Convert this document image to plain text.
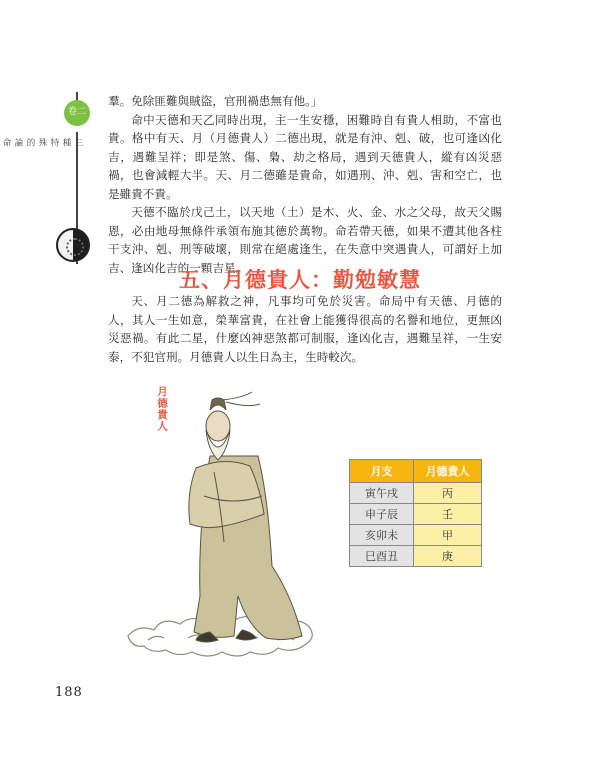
卷二
三種特殊的論命

羣。免除匪難與賊盜，官刑禍患無有他。」

命中天德和天乙同時出現，主一生安穩，困難時自有貴人相助，不富也貴。格中有天、月（月德貴人）二德出現，就是有沖、剋、破，也可逢凶化吉，遇難呈祥；即是煞、傷、梟、劫之格局，遇到天德貴人，縱有凶災惡禍，也會減輕大半。天、月二德雖是貴命，如遇刑、沖、剋、害和空亡，也是雖貴不貴。

天德不臨於戊己土，以天地（土）是木、火、金、水之父母，故天父賜恩，必由地母無條件承領布施其德於萬物。命若帶天德，如果不遭其他各柱干支沖、剋、刑等破壞，則常在絕處逢生，在失意中突遇貴人，可謂好上加吉、逢凶化吉的一顆吉星。

五、月德貴人：勤勉敏慧

天、月二德為解救之神，凡事均可免於災害。命局中有天德、月德的人，其人一生如意，榮華富貴，在社會上能獲得很高的名譽和地位，更無凶災惡禍。有此二星，什麼凶神惡煞都可制服，逢凶化吉，遇難呈祥，一生安泰，不犯官刑。月德貴人以生日為主，生時較次。

月德貴人
月支	月德貴人
寅午戌	丙
申子辰	壬
亥卯未	甲
巳酉丑	庚
188
